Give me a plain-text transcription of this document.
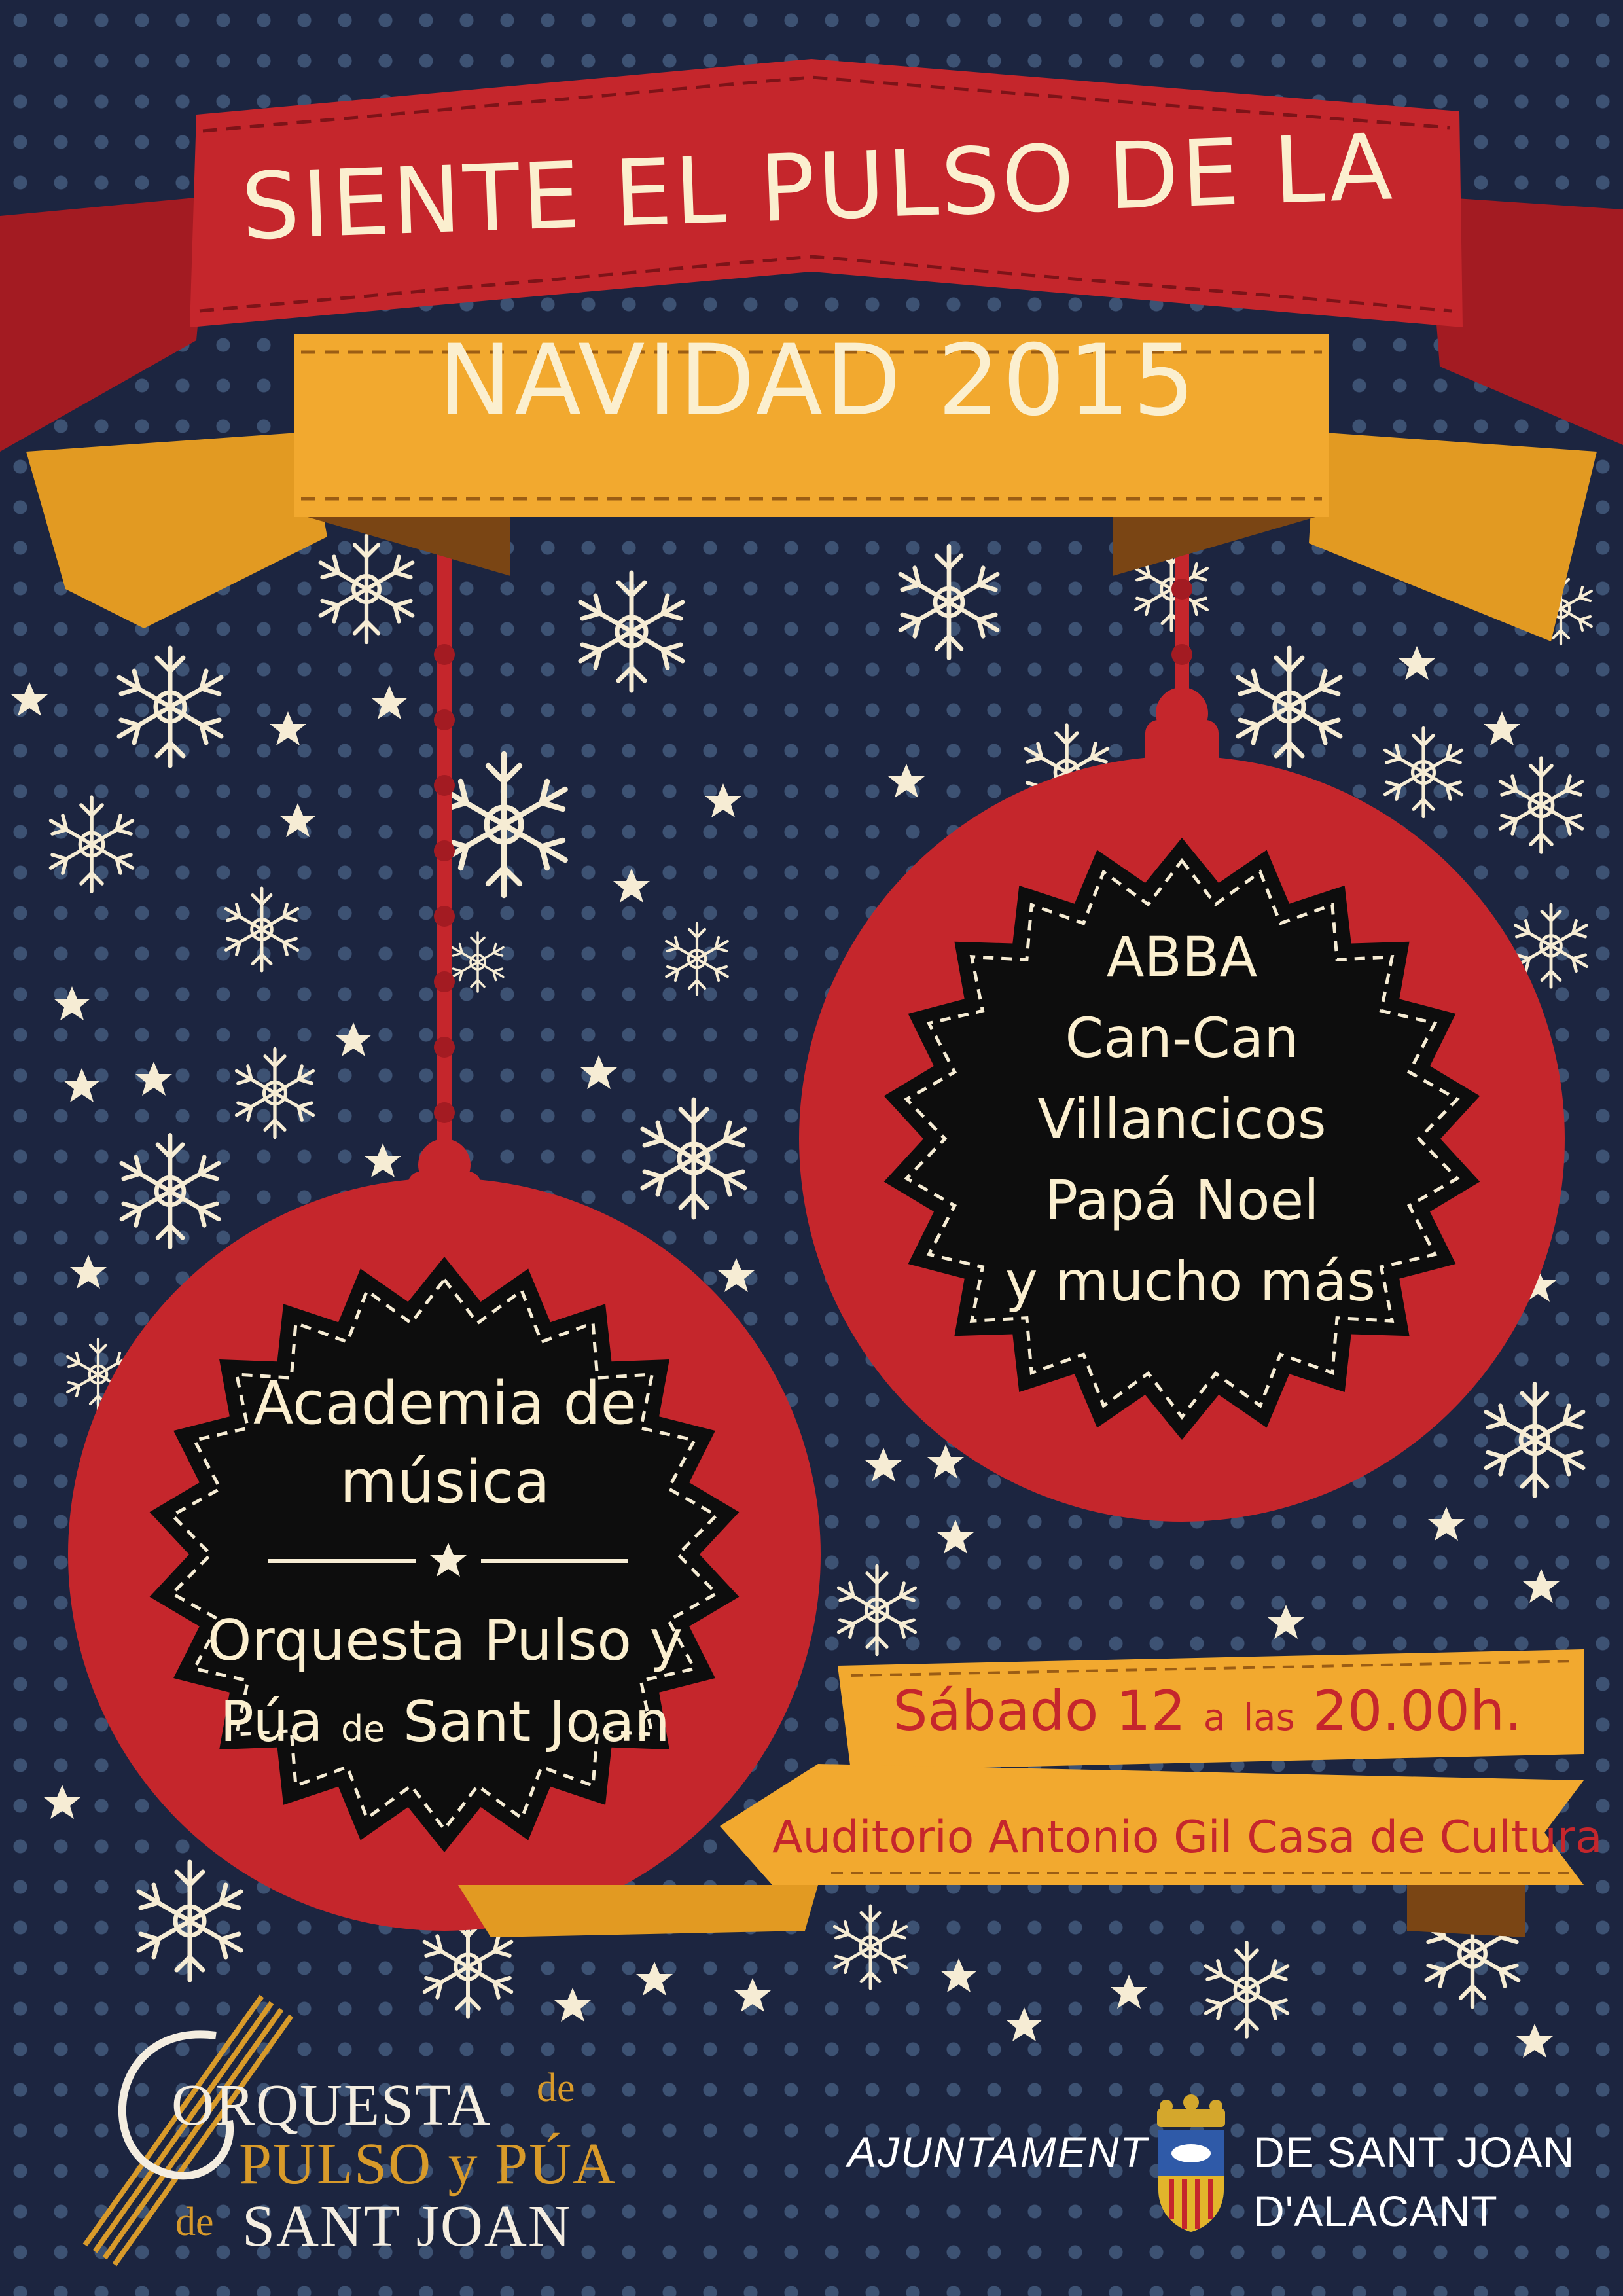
SIENTE EL PULSO DE LA
NAVIDAD 2015
ABBA
Can-Can
Villancicos
Papá Noel
y mucho más
Academia de
música
Orquesta Pulso y
Púa de Sant Joan	Sábado 12 a las 20.00h.
Auditorio Antonio Gil Casa de Cultura
ORQUESTA de
PULSO y PÚA
de SANT JOAN
AJUNTAMENT DE SANT JOAN
D'ALACANT
